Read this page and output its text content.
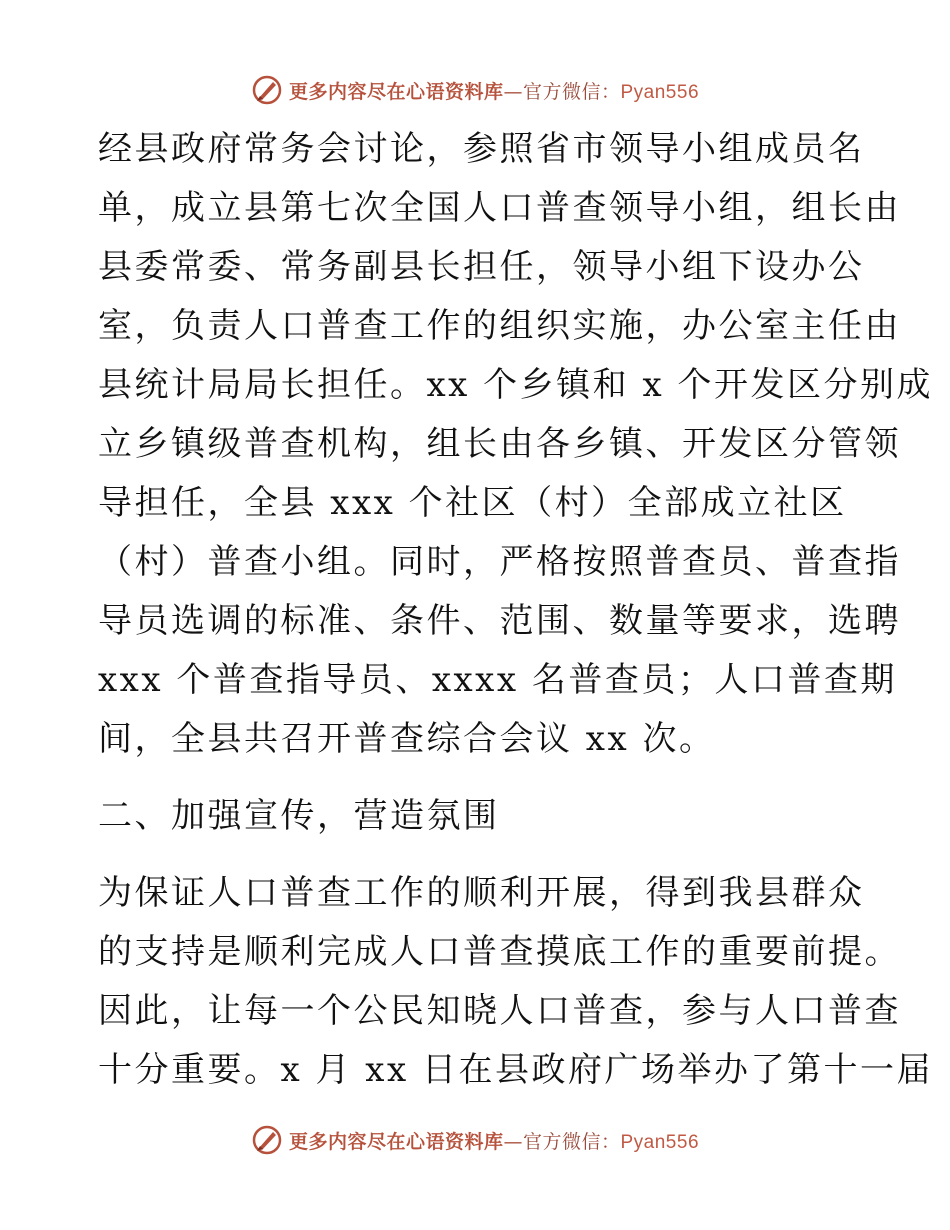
更多内容尽在心语资料库—官方微信：Pyan556
经县政府常务会讨论，参照省市领导小组成员名
单，成立县第七次全国人口普查领导小组，组长由
县委常委、常务副县长担任，领导小组下设办公
室，负责人口普查工作的组织实施，办公室主任由
县统计局局长担任。xx 个乡镇和 x 个开发区分别成
立乡镇级普查机构，组长由各乡镇、开发区分管领
导担任，全县 xxx 个社区（村）全部成立社区
（村）普查小组。同时，严格按照普查员、普查指
导员选调的标准、条件、范围、数量等要求，选聘
xxx 个普查指导员、xxxx 名普查员；人口普查期
间，全县共召开普查综合会议 xx 次。
二、加强宣传，营造氛围
为保证人口普查工作的顺利开展，得到我县群众
的支持是顺利完成人口普查摸底工作的重要前提。
因此，让每一个公民知晓人口普查，参与人口普查
十分重要。x 月 xx 日在县政府广场举办了第十一届
更多内容尽在心语资料库—官方微信：Pyan556
